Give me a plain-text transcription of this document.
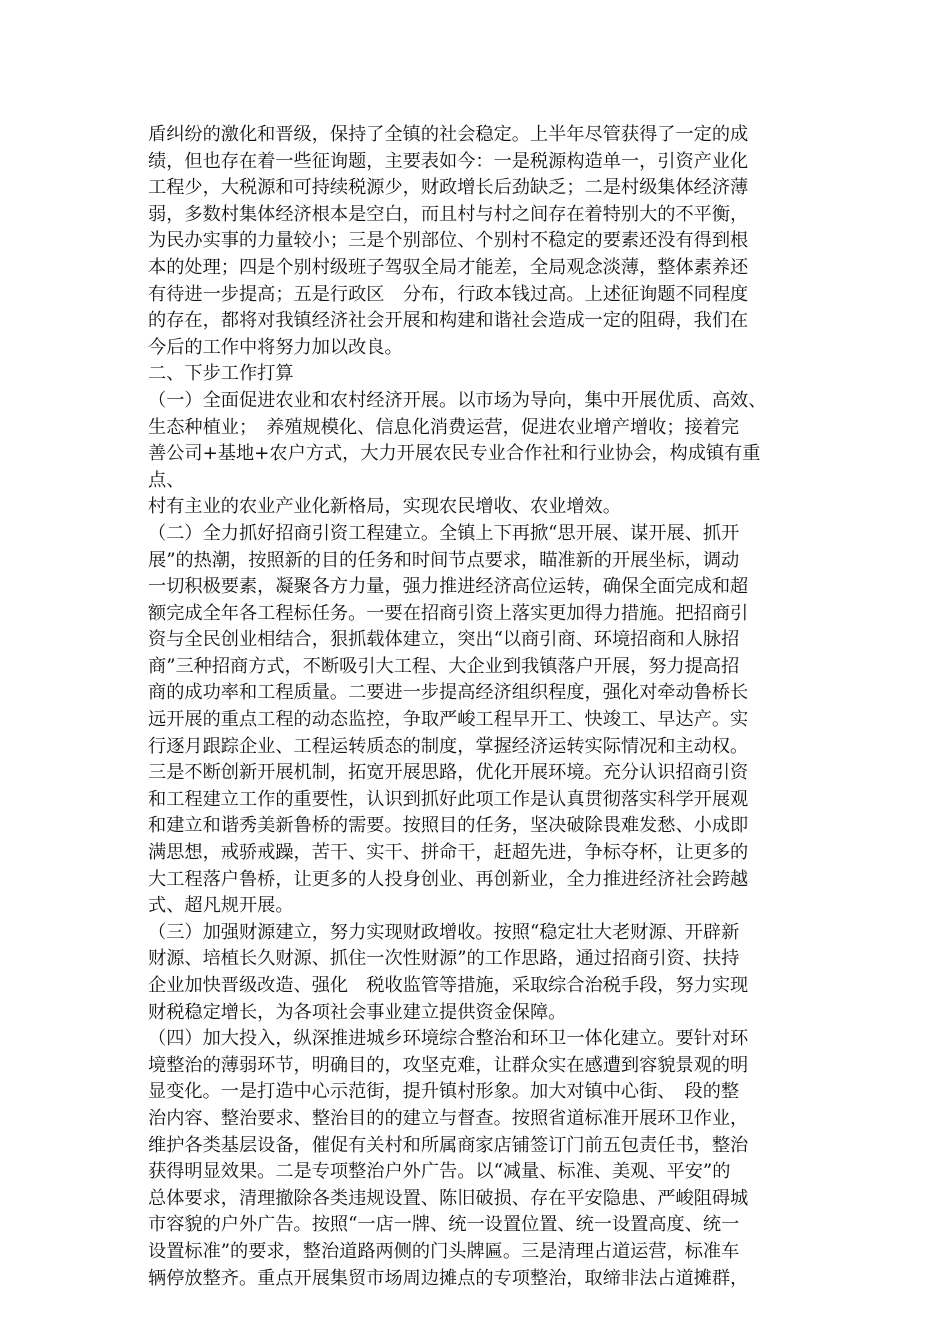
盾纠纷的激化和晋级，保持了全镇的社会稳定。上半年尽管获得了一定的成
绩，但也存在着一些征询题，主要表如今：一是税源构造单一，引资产业化
工程少，大税源和可持续税源少，财政增长后劲缺乏；二是村级集体经济薄
弱，多数村集体经济根本是空白，而且村与村之间存在着特别大的不平衡，
为民办实事的力量较小；三是个别部位、个别村不稳定的要素还没有得到根
本的处理；四是个别村级班子驾驭全局才能差，全局观念淡薄，整体素养还
有待进一步提高；五是行政区　分布，行政本钱过高。上述征询题不同程度
的存在，都将对我镇经济社会开展和构建和谐社会造成一定的阻碍，我们在
今后的工作中将努力加以改良。
二、下步工作打算
（一）全面促进农业和农村经济开展。以市场为导向，集中开展优质、高效、
生态种植业；　养殖规模化、信息化消费运营，促进农业增产增收；接着完
善公司+基地+农户方式，大力开展农民专业合作社和行业协会，构成镇有重
点、
村有主业的农业产业化新格局，实现农民增收、农业增效。
（二）全力抓好招商引资工程建立。全镇上下再掀“思开展、谋开展、抓开
展”的热潮，按照新的目的任务和时间节点要求，瞄准新的开展坐标，调动
一切积极要素，凝聚各方力量，强力推进经济高位运转，确保全面完成和超
额完成全年各工程标任务。一要在招商引资上落实更加得力措施。把招商引
资与全民创业相结合，狠抓载体建立，突出“以商引商、环境招商和人脉招
商”三种招商方式，不断吸引大工程、大企业到我镇落户开展，努力提高招
商的成功率和工程质量。二要进一步提高经济组织程度，强化对牵动鲁桥长
远开展的重点工程的动态监控，争取严峻工程早开工、快竣工、早达产。实
行逐月跟踪企业、工程运转质态的制度，掌握经济运转实际情况和主动权。
三是不断创新开展机制，拓宽开展思路，优化开展环境。充分认识招商引资
和工程建立工作的重要性，认识到抓好此项工作是认真贯彻落实科学开展观
和建立和谐秀美新鲁桥的需要。按照目的任务，坚决破除畏难发愁、小成即
满思想，戒骄戒躁，苦干、实干、拼命干，赶超先进，争标夺杯，让更多的
大工程落户鲁桥，让更多的人投身创业、再创新业，全力推进经济社会跨越
式、超凡规开展。
（三）加强财源建立，努力实现财政增收。按照“稳定壮大老财源、开辟新
财源、培植长久财源、抓住一次性财源”的工作思路，通过招商引资、扶持
企业加快晋级改造、强化　税收监管等措施，采取综合治税手段，努力实现
财税稳定增长，为各项社会事业建立提供资金保障。
（四）加大投入，纵深推进城乡环境综合整治和环卫一体化建立。要针对环
境整治的薄弱环节，明确目的，攻坚克难，让群众实在感遭到容貌景观的明
显变化。一是打造中心示范街，提升镇村形象。加大对镇中心街、　段的整
治内容、整治要求、整治目的的建立与督查。按照省道标准开展环卫作业，
维护各类基层设备，催促有关村和所属商家店铺签订门前五包责任书，整治
获得明显效果。二是专项整治户外广告。以“减量、标准、美观、平安”的
总体要求，清理撤除各类违规设置、陈旧破损、存在平安隐患、严峻阻碍城
市容貌的户外广告。按照“一店一牌、统一设置位置、统一设置高度、统一
设置标准”的要求，整治道路两侧的门头牌匾。三是清理占道运营，标准车
辆停放整齐。重点开展集贸市场周边摊点的专项整治，取缔非法占道摊群，
